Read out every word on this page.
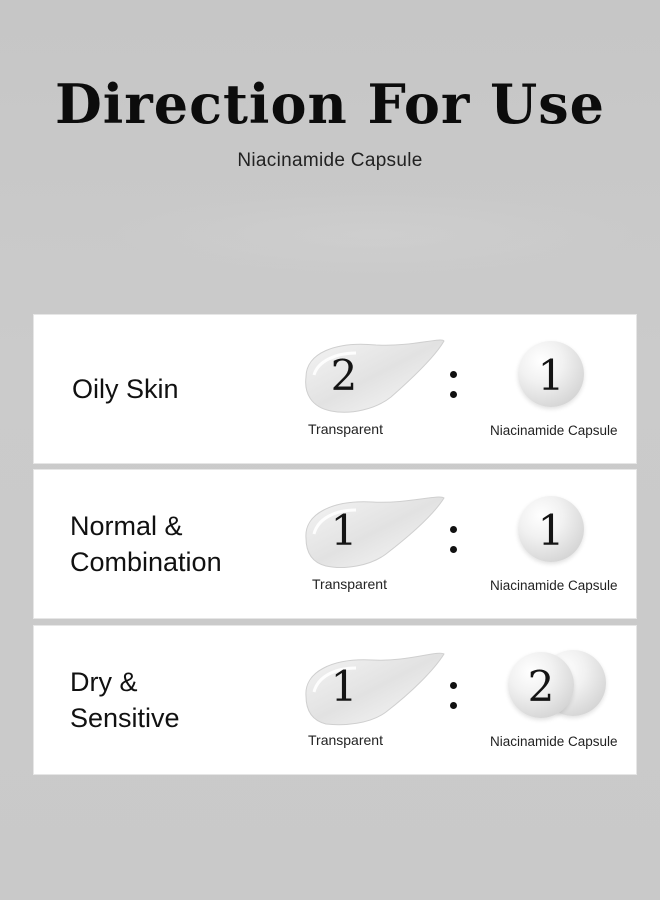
Direction For Use
Niacinamide Capsule
Oily Skin	2
Transparent
1
Niacinamide Capsule
Normal &
Combination
1
Transparent
1
Niacinamide Capsule
Dry &
Sensitive
1
Transparent
2
Niacinamide Capsule
